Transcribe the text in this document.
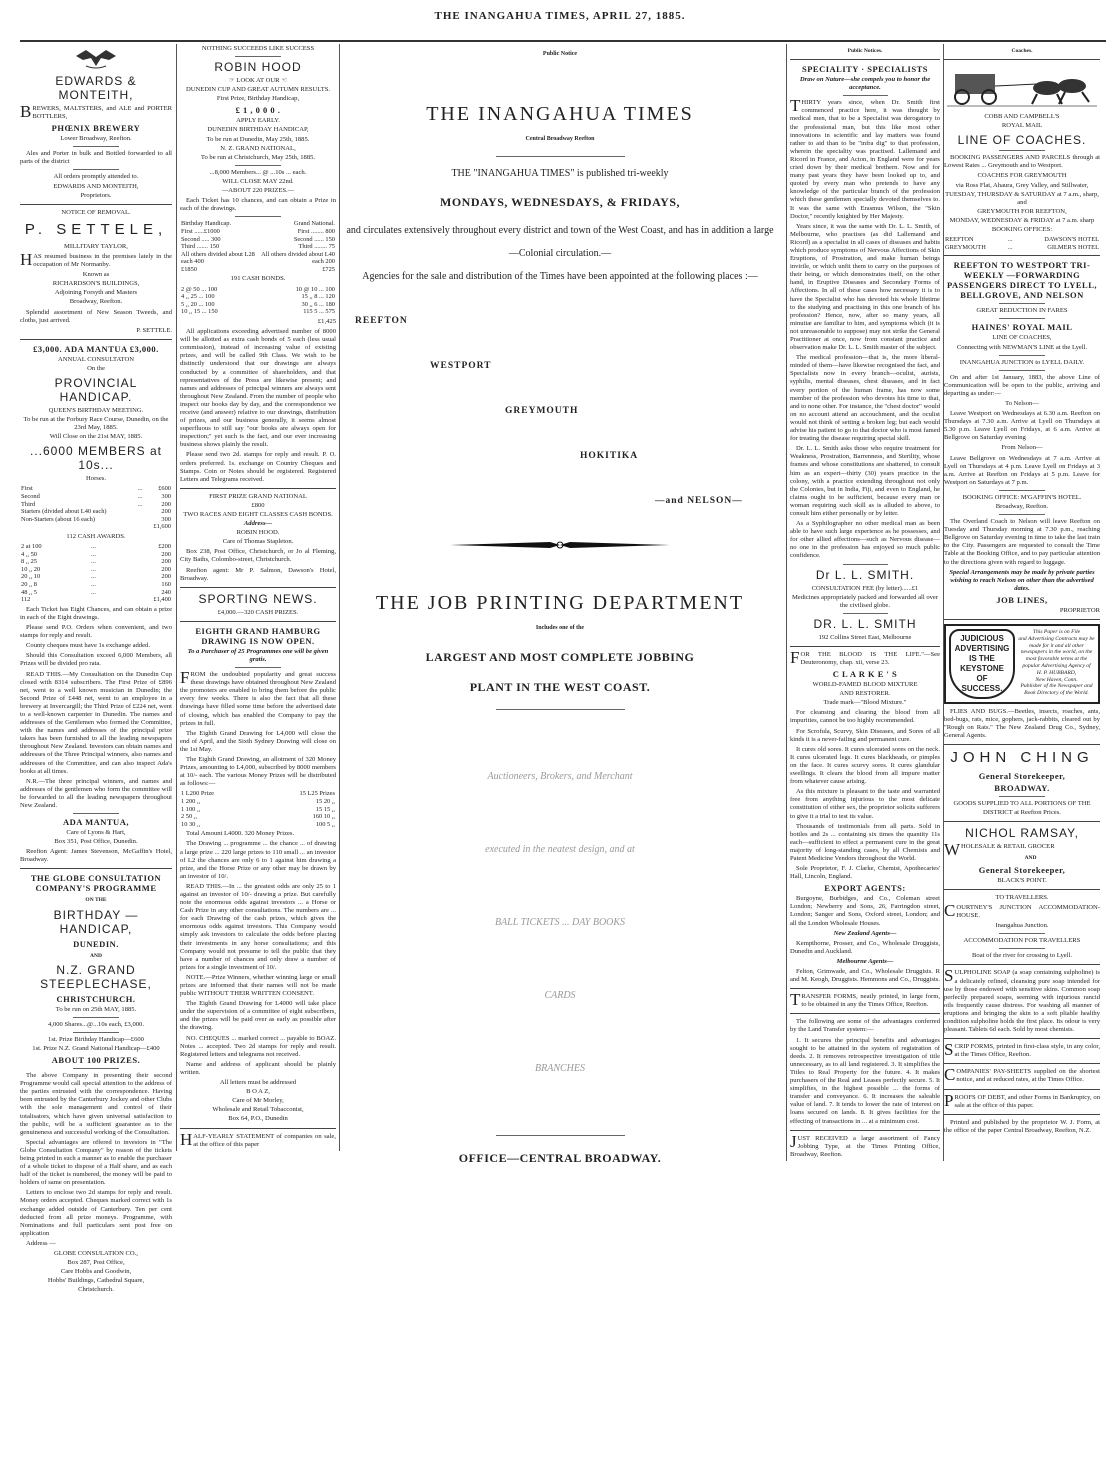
THE INANGAHUA TIMES, APRIL 27, 1885.
EDWARDS & MONTEITH,
BREWERS, MALTSTERS, and ALE and PORTER BOTTLERS,
PHŒNIX BREWERY
Lower Broadway, Reefton.
Ales and Porter in bulk and Bottled forwarded to all parts of the district
All orders promptly attended to.
EDWARDS AND MONTEITH,
Proprietors.
NOTICE OF REMOVAL.
P. SETTELE,
MILLITARY TAYLOR,
HAS resumed business in the premises lately in the occupation of Mr Normanby.
Known as
RICHARDSON'S BUILDINGS,
Adjoining Forsyth and Masters
Broadway, Reefton.
Splendid assortment of New Season Tweeds, and cloths, just arrived.
P. SETTELE.
£3,000. ADA MANTUA £3,000.
ANNUAL CONSULTATON
On the
PROVINCIAL HANDICAP.
QUEEN'S BIRTHDAY MEETING.
To be run at the Forbury Race Course, Dunedin, on the 23rd May, 1885.
Will Close on the 21st MAY, 1885.
...6000 MEMBERS at 10s...
Horses.
First	...	£600
Second	...	300
Third	...	200
Starters (divided about L40 each)		200
Non-Starters (about 16 each)		300
		£1,600
112 CASH AWARDS.
2 at 100	...	£200
4 ,, 50	...	200
8 ,, 25	...	200
10 ,, 20	...	200
20 ,, 10	...	200
20 ,, 8	...	160
48 ,, 5	...	240
112		£1,400
Each Ticket has Eight Chances, and can obtain a prize in each of the Eight drawings.
Please send P.O. Orders when convenient, and two stamps for reply and result.
County cheques must have 1s exchange added.
Should this Consultation exceed 6,000 Members, all Prizes will be divided pro rata.
READ THIS.—My Consultation on the Dunedin Cup closed with 8314 subscribers. The First Prize of £896 net, went to a well known musician in Dunedin; the Second Prize of £448 net, went to an employee in a brewery at Invercargill; the Third Prize of £224 net, went to a well-known carpenter in Dunedin. The names and addresses of the Gentlemen who formed the Committee, with the names and addresses of the principal prize takers has been furnished to all the leading newspapers throughout New Zealand. Investors can obtain names and addresses of the Three Principal winners, also names and addresses of the Committee, and can also inspect Ada's books at all times.
N.R.—The three principal winners, and names and addresses of the gentlemen who form the committee will be forwarded to all the leading newspapers throughout New Zealand.
ADA MANTUA,
Care of Lyons & Hart,
Box 351, Post Office, Dunedin.
Reefton Agent: James Stevenson, McGaffin's Hotel, Broadway.
THE GLOBE CONSULTATION COMPANY'S PROGRAMME
ON THE
BIRTHDAY — HANDICAP,
DUNEDIN.
AND
N.Z. GRAND STEEPLECHASE,
CHRISTCHURCH.
To be run on 25th MAY, 1885.
4,000 Shares...@...10s each, £3,000.
1st. Prize Birthday Handicap—£600
1st. Prize N.Z. Grand National Handicap—£400
ABOUT 100 PRIZES.
The above Company in presenting their second Programme would call special attention to the address of the parties entrusted with the correspondence. Having been entrusted by the Canterbury Jockey and other Clubs with the sole management and control of their totalisators, which have given universal satisfaction to the public, will be a sufficient guarantee as to the genuineness and successful working of the Consultation.
Special advantages are offered to investors in "The Globe Consultation Company" by reason of the tickets being printed in such a manner as to enable the purchaser of a whole ticket to dispose of a Half share, and as each half of the ticket is numbered, the money will be paid to holders of same on presentation.
Letters to enclose two 2d stamps for reply and result. Money orders accepted. Cheques marked correct with 1s exchange added outside of Canterbury. Ten per cent deducted from all prize moneys. Programme, with Nominations and full particulars sent post free on application
Address —
GLOBE CONSULATION CO.,
Box 287, Post Office,
Care Hobbs and Goodwin,
Hobbs' Buildings, Cathedral Square,
Christchurch.
NOTHING SUCCEEDS LIKE SUCCESS
ROBIN HOOD
☞ LOOK AT OUR ☜
DUNEDIN CUP AND GREAT AUTUMN RESULTS.
First Prize, Birthday Handicap,
£ 1 , 0 0 0 .
APPLY EARLY.
DUNEDIN BIRTHDAY HANDICAP,
To be run at Dunedin, May 25th, 1885.
N. Z. GRAND NATIONAL,
To be run at Christchurch, May 25th, 1885.
...8,000 Members... @ ...10s ... each.
WILL CLOSE MAY 22nd.
—ABOUT 220 PRIZES.—
Each Ticket has 10 chances, and can obtain a Prize in each of the drawings.
Birthday Handicap.		Grand National.
First ......£1000		First ........ 800
Second ..... 300		Second ...... 150
Third ....... 150		Third ........ 75
All others divided about L28 each 400		All others divided about L40 each 200
£1850		£725
191 CASH BONDS.
2 @ 50 ... 100		10 @ 10 ... 100
4 ,, 25 ... 100		15 ,, 8 ... 120
5 ,, 20 ... 100		30 ,, 6 ... 180
10 ,, 15 ... 150		115 5 ... 575
£1,425
All applications exceeding advertised number of 8000 will be allotted as extra cash bonds of 5 each (less usual commission), instead of increasing value of existing prizes, and will be called 9th Class. We wish to be distinctly understood that our drawings are always conducted by a committee of shareholders, and that representatives of the Press are likewise present; and names and addresses of principal winners are always sent throughout New Zealand. From the number of people who inspect our books day by day, and the correspondence we receive (and answer) relative to our drawings, distribution of prizes, and our business generally, it seems almost superfluous to still say "our books are always open for inspection;" yet such is the fact, and our ever increasing business shows plainly the result.
Please send two 2d. stamps for reply and result. P. O. orders preferred. 1s. exchange on Country Cheques and Stamps. Coin or Notes should be registered. Registered Letters and Telegrams received.
FIRST PRIZE GRAND NATIONAL
£800
TWO RACES AND EIGHT CLASSES CASH BONDS.
Address—
ROBIN HOOD.
Care of Thomas Stapleton.
Box 238, Post Office, Christchurch, or Jo al Fleming, City Baths, Colombo-street, Christchurch.
Reefton agent: Mr P. Salmon, Dawson's Hotel, Broadway.
SPORTING NEWS.
£4,000.—320 CASH PRIZES.
EIGHTH GRAND HAMBURG DRAWING IS NOW OPEN.
To a Purchaser of 25 Programmes one will be given gratis.
FROM the undoubted popularity and great success these drawings have obtained throughout New Zealand the promoters are enabled to bring them before the public every few weeks. There is also the fact that all these drawings have filled some time before the advertised date of closing, which has enabled the Company to pay the prizes in full.
The Eighth Grand Drawing for L4,000 will close the end of April, and the Sixth Sydney Drawing will close on the 1st May.
The Eighth Grand Drawing, an allotment of 320 Money Prizes, amounting to L4,000, subscribed by 8000 members at 10/- each. The various Money Prizes will be distributed as follows:—
1 L200 Prize		15 L25 Prizes
1 200 ,,		15 20 ,,
1 100 ,,		15 15 ,,
2 50 ,,		160 10 ,,
10 30 ,,		100 5 ,,
Total Amount L4000. 320 Money Prizes.
The Drawing ... programme ... the chance ... of drawing a large prize ... 220 large prizes to 110 small ... an investor of L2 the chances are only 6 to 1 against him drawing a prize, and the Horse Prize or any other may be drawn by an investor of 10/.
READ THIS.—In ... the greatest odds are only 25 to 1 against an investor of 10/- drawing a prize. But carefully note the enormous odds against investors ... a Horse or Cash Prize in any other consultations. The numbers are ... for each Drawing of the cash prizes, which gives the enormous odds against investors. This Company would simply ask investors to calculate the odds before placing their investments in any horse consultations; and this Company would not presume to tell the public that they have a number of chances and only draw a number of prizes for a single investment of 10/.
NOTE.—Prize Winners, whether winning large or small prizes are informed that their names will not be made public WITHOUT THEIR WRITTEN CONSENT.
The Eighth Grand Drawing for L4000 will take place under the supervision of a committee of eight subscribers, and the prizes will be paid over as early as possible after the drawing.
NO. CHEQUES ... marked correct ... payable to BOAZ. Notes ... accepted. Two 2d stamps for reply and result. Registered letters and telegrams not received.
Name and address of applicant should be plainly written.
All letters must be addressed
B O A Z,
Care of Mr Morley,
Wholesale and Retail Tobacconist,
Box 64, P.O., Dunedin
HALF-YEARLY STATEMENT of companies on sale, at the office of this paper
Public Notice
THE INANGAHUA TIMES
Central Broadway Reefton
THE "INANGAHUA TIMES" is published tri-weekly
MONDAYS, WEDNESDAYS, & FRIDAYS,
and circulates extensively throughout every district and town of the West Coast, and has in addition a large
—Colonial circulation.—
Agencies for the sale and distribution of the Times have been appointed at the following places :—
REEFTON
WESTPORT
GREYMOUTH
HOKITIKA
—and NELSON—
THE JOB PRINTING DEPARTMENT
Includes one of the
LARGEST AND MOST COMPLETE JOBBING
PLANT IN THE WEST COAST.
Auctioneers, Brokers, and Merchant
executed in the neatest design, and at
BALL TICKETS ... DAY BOOKS
CARDS
BRANCHES
OFFICE—CENTRAL BROADWAY.
Public Notices.
SPECIALITY · SPECIALISTS
Draw on Nature—she compels you to honor the acceptance.
THIRTY years since, when Dr. Smith first commenced practice here, it was thought by medical men, that to be a Specialist was derogatory to the professional man, but this like most other innovations in scientific and lay matters was found rather to aid than to be "infra dig" to that profession, wherein the speciality was practised. Lallemand and Ricord in France, and Acton, in England were for years cried down by their medical brethern. Now and for many past years they have been looked up to, and quoted by every man who pretends to have any knowledge of the particular branch of the profession which these gentlemen specially devoted themselves to. It was the same with Erasmus Wilson, the "Skin Doctor," recently knighted by Her Majesty.
Years since, it was the same with Dr. L. L. Smith, of Melbourne, who practises (as did Lallemand and Ricord) as a specialist in all cases of diseases and habits which produce symptoms of Nervous Affections of Skin Eruptions, of Prostration, and make human beings invirile, or which unfit them to carry on the purposes of their being, or which demonstrates itself, on the other hand, in Eruptive Diseases and Secondary Forms of Affections. In all of these cases how necessary it is to have the Specialist who has devoted his whole lifetime to the studying and practising in this one branch of his profession? Hence, now, after so many years, all minutiæ are familiar to him, and symptoms which (it is not unreasonable to suppose) may not strike the General Practitioner at once, now from constant practice and observation make Dr. L. L. Smith master of the subject.
The medical profession—that is, the more liberal-minded of them—have likewise recognised the fact, and Specialists now in every branch—oculist, aurists, syphilis, mental diseases, chest diseases, and in fact every portion of the human frame, has now some member of the profession who devotes his time to that, and to none other. For instance, the "chest doctor" would on no account attend an accouchment, and the oculist would not think of setting a broken leg; but each would advise his patient to go to that doctor who is most famed for treating the disease requiring special skill.
Dr. L. L. Smith asks those who require treatment for Weakness, Prostration, Barrenness, and Sterility, whose frames and whose constitutions are shattered, to consult him as an expert—thirty (30) years practice in the colony, with a practice extending throughout not only the Colonies, but in India, Fiji, and even to England, he claims ought to be sufficient, because every man or woman requiring such skill as is alluded to above, to consult him either personally or by letter.
As a Syphilographer no other medical man as been able to have such large experience as he possesses, and for other allied affections—such as Nervous disease—no one in the profession has enjoyed so much public confidence.
Dr L. L. SMITH.
CONSULTATION FEE (by letter)......£1
Medicines appropriately packed and forwarded all over the civilised globe.
DR. L. L. SMITH
192 Collins Street East, Melbourne
FOR THE BLOOD IS THE LIFE."—See Deuteronomy, chap. xii, verse 23.
C L A R K E ' S
WORLD-FAMED BLOOD MIXTURE
AND RESTORER.
Trade mark—"Blood Mixture."
For cleansing and clearing the blood from all impurities, cannot be too highly recommended.
For Scrofula, Scurvy, Skin Diseases, and Sores of all kinds it is a never-failing and permanent cure.
It cures old sores. It cures ulcerated sores on the neck. It cures ulcerated legs. It cures blackheads, or pimples on the face. It cures scurvy sores. It cures glandular swellings. It clears the blood from all impure matter from whatever cause arising.
As this mixture is pleasant to the taste and warranted free from anything injurious to the most delicate constitution of either sex, the proprietor solicits sufferers to give it a trial to test its value.
Thousands of testimonials from all parts. Sold in bottles and 2s ... containing six times the quantity 11s each—sufficient to effect a permanent cure in the great majority of long-standing cases, by all Chemists and Patent Medicine Vendors throughout the World.
Sole Proprietor, F. J. Clarke, Chemist, Apothecaries' Hall, Lincoln, England.
EXPORT AGENTS:
Burgoyne, Burbidges, and Co., Coleman street London; Newberry and Sons, 26, Farringdon street, London; Sanger and Sons, Oxford street, London; and all the London Wholesale Houses.
New Zealand Agents—
Kempthorne, Prosser, and Co., Wholesale Druggists, Dunedin and Auckland.
Melbourne Agents—
Felton, Grimwade, and Co., Wholesale Druggists. R and M. Keogh, Druggists. Hemmons and Co., Druggists.
TRANSFER FORMS, neatly printed, in large form, to be obtained in any the Times Office, Reefton.
The following are some of the advantages conferred by the Land Transfer system:—
1. It secures the principal benefits and advantages sought to be attained in the system of registration of deeds. 2. It removes retrospective investigation of title unnecessary, as to all land registered. 3. It simplifies the Titles to Real Property for the future. 4. It makes purchasers of the Real and Leases perfectly secure. 5. It simplifies, in the highest possible ... the forms of transfer and conveyance. 6. It increases the saleable value of land. 7. It tends to lower the rate of interest on loans secured on lands. 8. It gives facilities for the effecting of transactions in ... at a minimum cost.
JUST RECEIVED a large assortment of Fancy Jobbing Type, at the Times Printing Office, Broadway, Reefton.
Coaches.
COBB AND CAMPBELL'S
ROYAL MAIL
LINE OF COACHES.
BOOKING PASSENGERS AND PARCELS through at Lowest Rates ... Greymouth and to Westport.
COACHES FOR GREYMOUTH
via Ross Flat, Ahaura, Grey Valley, and Stillwater,
TUESDAY, THURSDAY & SATURDAY at 7 a.m., sharp, and
GREYMOUTH FOR REEFTON,
MONDAY, WEDNESDAY & FRIDAY at 7 a.m. sharp
BOOKING OFFICES:
REEFTON	...	DAWSON'S HOTEL
GREYMOUTH	...	GILMER'S HOTEL
REEFTON TO WESTPORT TRI-WEEKLY —FORWARDING PASSENGERS DIRECT TO LYELL, BELLGROVE, AND NELSON
GREAT REDUCTION IN FARES
HAINES' ROYAL MAIL
LINE OF COACHES,
Connecting with NEWMAN'S LINE at the Lyell.
INANGAHUA JUNCTION to LYELL DAILY.
On and after 1st January, 1883, the above Line of Communication will be open to the public, arriving and departing as under:—
To Nelson—
Leave Westport on Wednesdays at 6.30 a.m. Reefton on Thursdays at 7.30 a.m. Arrive at Lyell on Thursdays at 5.30 p.m. Leave Lyell on Fridays, at 6 a.m. Arrive at Bellgrove on Saturday evening
From Nelson—
Leave Bellgrove on Wednesdays at 7 a.m. Arrive at Lyell on Thursdays at 4 p.m. Leave Lyell on Fridays at 3 a.m. Arrive at Reefton on Fridays at 5 p.m. Leave for Westport on Saturdays at 7 p.m.
BOOKING OFFICE: M'GAFFIN'S HOTEL.
Broadway, Reefton.
The Overland Coach to Nelson will leave Reefton on Tuesday and Thursday morning at 7.30 p.m., reaching Bellgrove on Saturday evening in time to take the last train to the City. Passengers are requested to consult the Time Table at the Booking Office, and to pay particular attention to the directions given with regard to luggage.
Special Arrangements may be made by private parties wishing to reach Nelson on other than the advertised dates.
JOB LINES,
PROPRIETOR
JUDICIOUS
ADVERTISING
IS THE
KEYSTONE
OF
SUCCESS.
This Paper is on File
and Advertising Contracts may be made for it and all other newspapers in the world, on the most favorable terms at the popular Advertising Agency of
H. P. HUBBARD,
New Haven, Conn.
Publisher of the Newspaper and Book Directory of the World.
FLIES AND BUGS.—Beetles, insects, roaches, ants, bed-bugs, rats, mice, gophers, jack-rabbits, cleared out by "Rough on Rats." The New Zealand Drug Co., Sydney, General Agents.
JOHN CHING
General Storekeeper,
BROADWAY.
GOODS SUPPLIED TO ALL PORTIONS OF THE DISTRICT at Reefton Prices.
NICHOL RAMSAY,
WHOLESALE & RETAIL GROCER
AND
General Storekeeper,
BLACK'S POINT.
TO TRAVELLERS.
COURTNEY'S JUNCTION ACCOMMODATION-HOUSE.
Inangahua Junction.
ACCOMMODATION FOR TRAVELLERS
Boat of the river for crossing to Lyell.
SULPHOLINE SOAP (a soap containing sulpholine) is a delicately refined, cleansing pure soap intended for use by those endowed with sensitive skins. Common soap perfectly prepared soaps, seeming with injurious rancid oils frequently cause distress. For washing all manner of eruptions and bringing the skin to a soft pliable healthy condition sulpholine holds the first place. Its odour is very pleasant. Tablets 6d each. Sold by most chemists.
SCRIP FORMS, printed in first-class style, in any color, at the Times Office, Reefton.
COMPANIES' PAY-SHEETS supplied on the shortest notice, and at reduced rates, at the Times Office.
PROOFS OF DEBT, and other Forms in Bankruptcy, on sale at the office of this paper.
Printed and published by the proprietor W. J. Form, at the office of the paper Central Broadway, Reefton, N.Z.
